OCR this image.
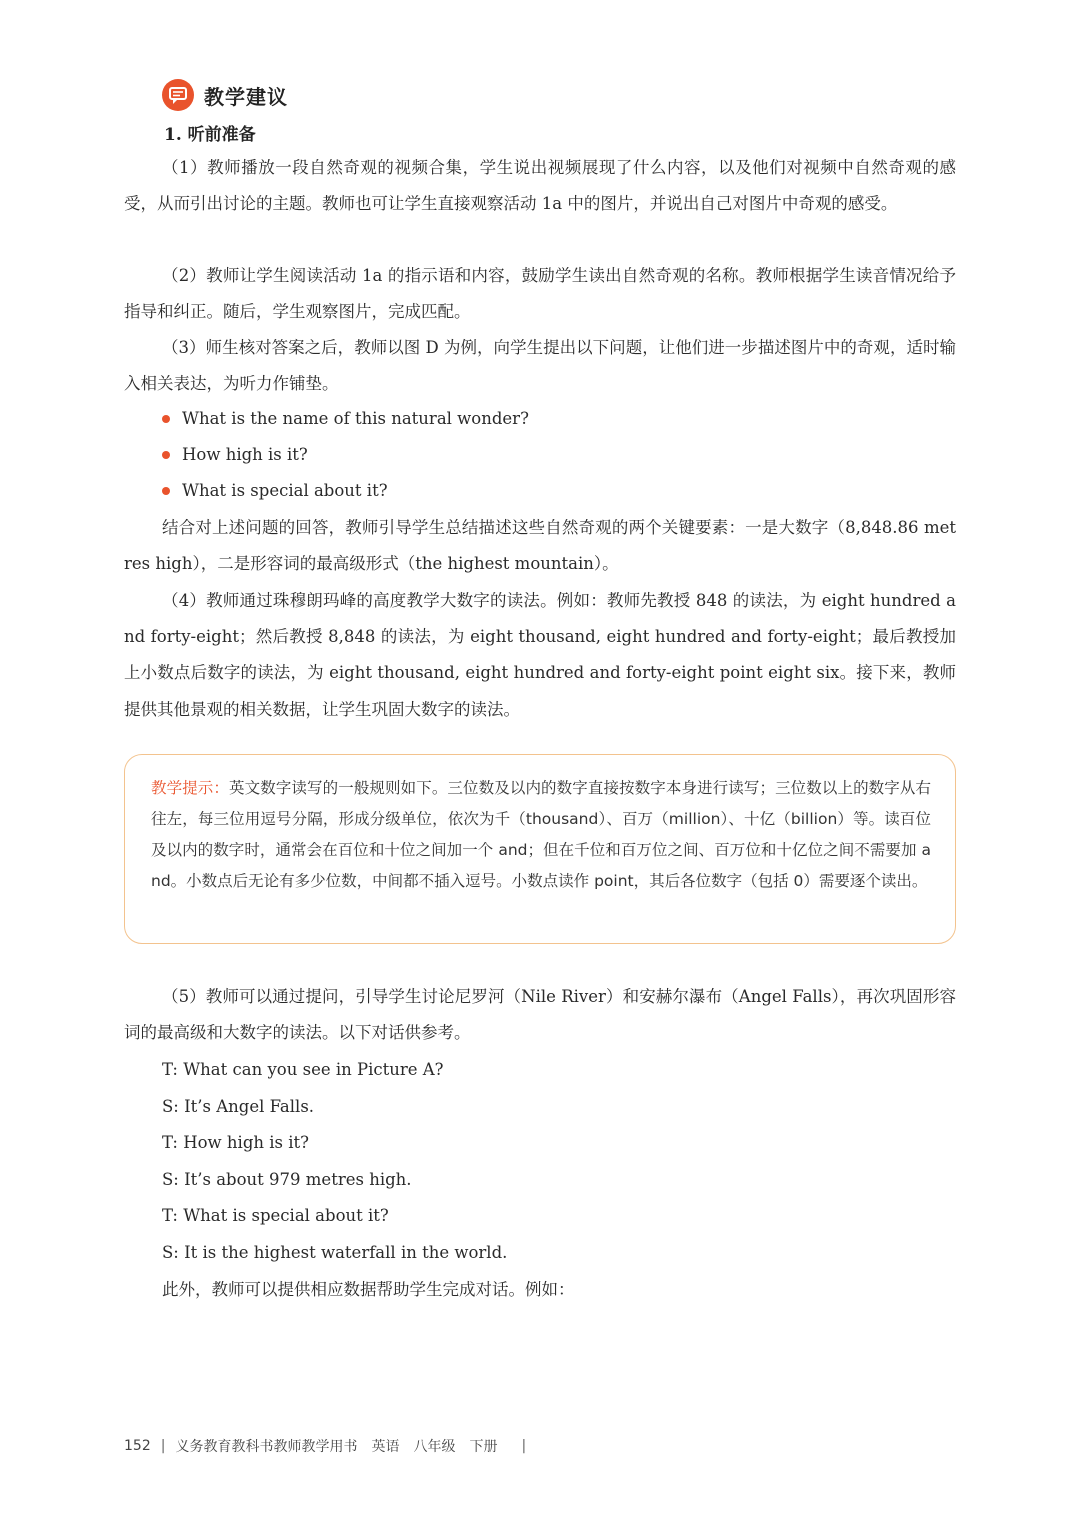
教学建议
1. 听前准备

（1）教师播放一段自然奇观的视频合集，学生说出视频展现了什么内容，以及他们对视频中自然奇观的感受，从而引出讨论的主题。教师也可让学生直接观察活动 1a 中的图片，并说出自己对图片中奇观的感受。

（2）教师让学生阅读活动 1a 的指示语和内容，鼓励学生读出自然奇观的名称。教师根据学生读音情况给予指导和纠正。随后，学生观察图片，完成匹配。

（3）师生核对答案之后，教师以图 D 为例，向学生提出以下问题，让他们进一步描述图片中的奇观，适时输入相关表达，为听力作铺垫。

What is the name of this natural wonder?
How high is it?
What is special about it?

结合对上述问题的回答，教师引导学生总结描述这些自然奇观的两个关键要素：一是大数字（8,848.86 metres high），二是形容词的最高级形式（the highest mountain）。

（4）教师通过珠穆朗玛峰的高度教学大数字的读法。例如：教师先教授 848 的读法，为 eight hundred and forty-eight；然后教授 8,848 的读法，为 eight thousand, eight hundred and forty-eight；最后教授加上小数点后数字的读法，为 eight thousand, eight hundred and forty-eight point eight six。接下来，教师提供其他景观的相关数据，让学生巩固大数字的读法。

教学提示：英文数字读写的一般规则如下。三位数及以内的数字直接按数字本身进行读写；三位数以上的数字从右往左，每三位用逗号分隔，形成分级单位，依次为千（thousand）、百万（million）、十亿（billion）等。读百位及以内的数字时，通常会在百位和十位之间加一个 and；但在千位和百万位之间、百万位和十亿位之间不需要加 and。小数点后无论有多少位数，中间都不插入逗号。小数点读作 point，其后各位数字（包括 0）需要逐个读出。

（5）教师可以通过提问，引导学生讨论尼罗河（Nile River）和安赫尔瀑布（Angel Falls），再次巩固形容词的最高级和大数字的读法。以下对话供参考。

T: What can you see in Picture A?
S: It’s Angel Falls.
T: How high is it?
S: It’s about 979 metres high.
T: What is special about it?
S: It is the highest waterfall in the world.
此外，教师可以提供相应数据帮助学生完成对话。例如：
152 | 义务教育教科书教师教学用书 英语 八年级 下册 |
